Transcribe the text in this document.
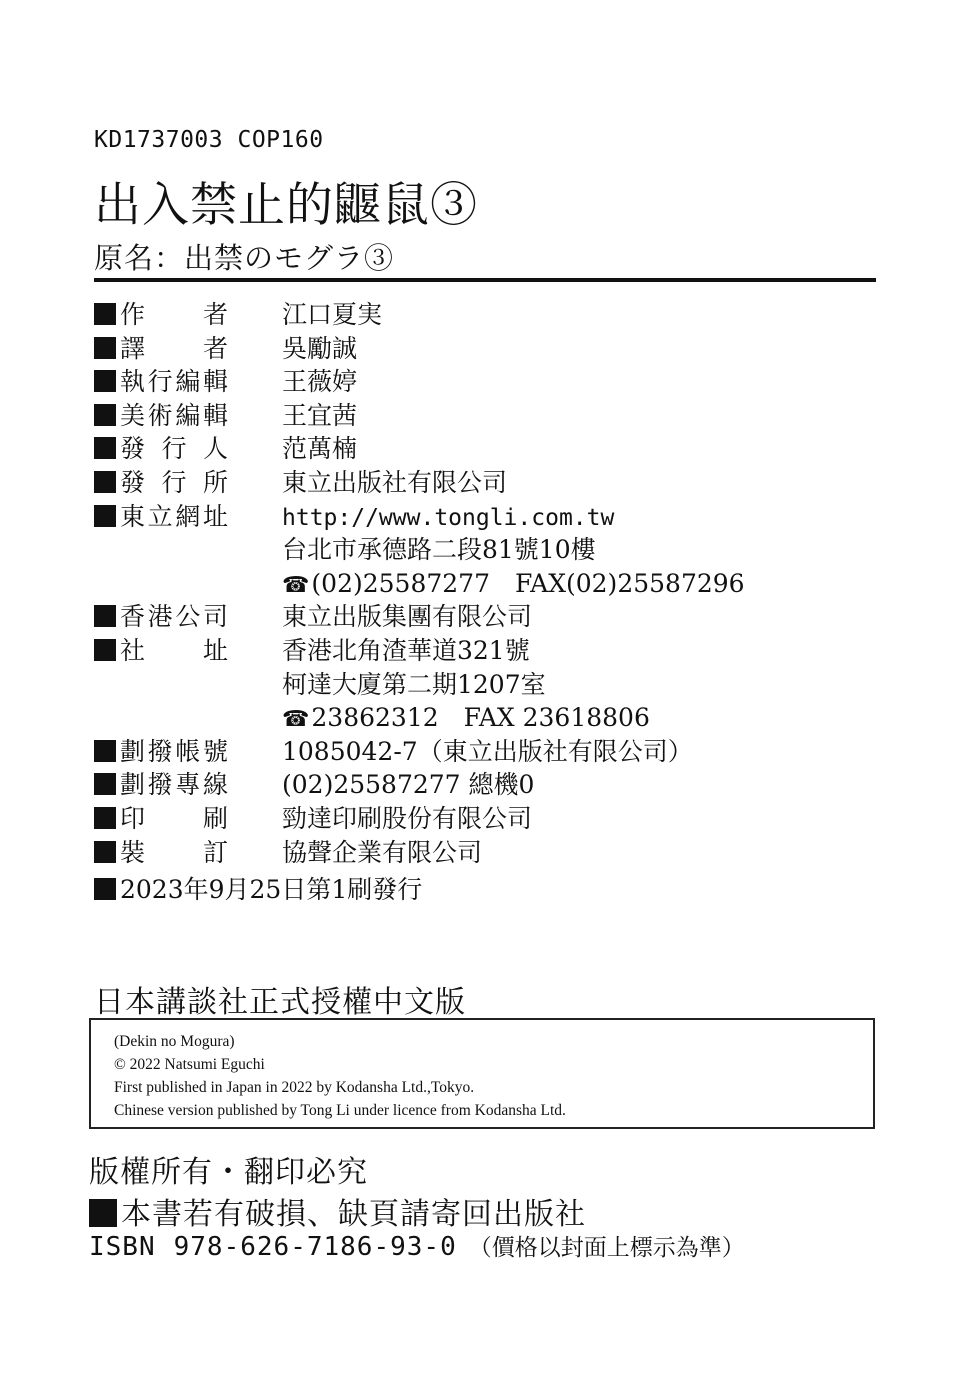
KD1737003 COP160
出入禁止的鼴鼠③
原名：出禁のモグラ③
作者 江口夏実
譯者 吳勵誠
執行編輯 王薇婷
美術編輯 王宜茜
發行人 范萬楠
發行所 東立出版社有限公司
東立網址 http://www.tongli.com.tw
台北市承德路二段81號10樓
☎(02)25587277　FAX(02)25587296
香港公司 東立出版集團有限公司
社址 香港北角渣華道321號
柯達大廈第二期1207室
☎23862312　FAX 23618806
劃撥帳號 1085042-7（東立出版社有限公司）
劃撥專線 (02)25587277 總機0
印刷 勁達印刷股份有限公司
裝訂 協聲企業有限公司
2023年9月25日第1刷發行
日本講談社正式授權中文版
(Dekin no Mogura)
© 2022 Natsumi Eguchi
First published in Japan in 2022 by Kodansha Ltd.,Tokyo.
Chinese version published by Tong Li under licence from Kodansha Ltd.
版權所有・翻印必究
本書若有破損、缺頁請寄回出版社
ISBN 978-626-7186-93-0 （價格以封面上標示為準）
